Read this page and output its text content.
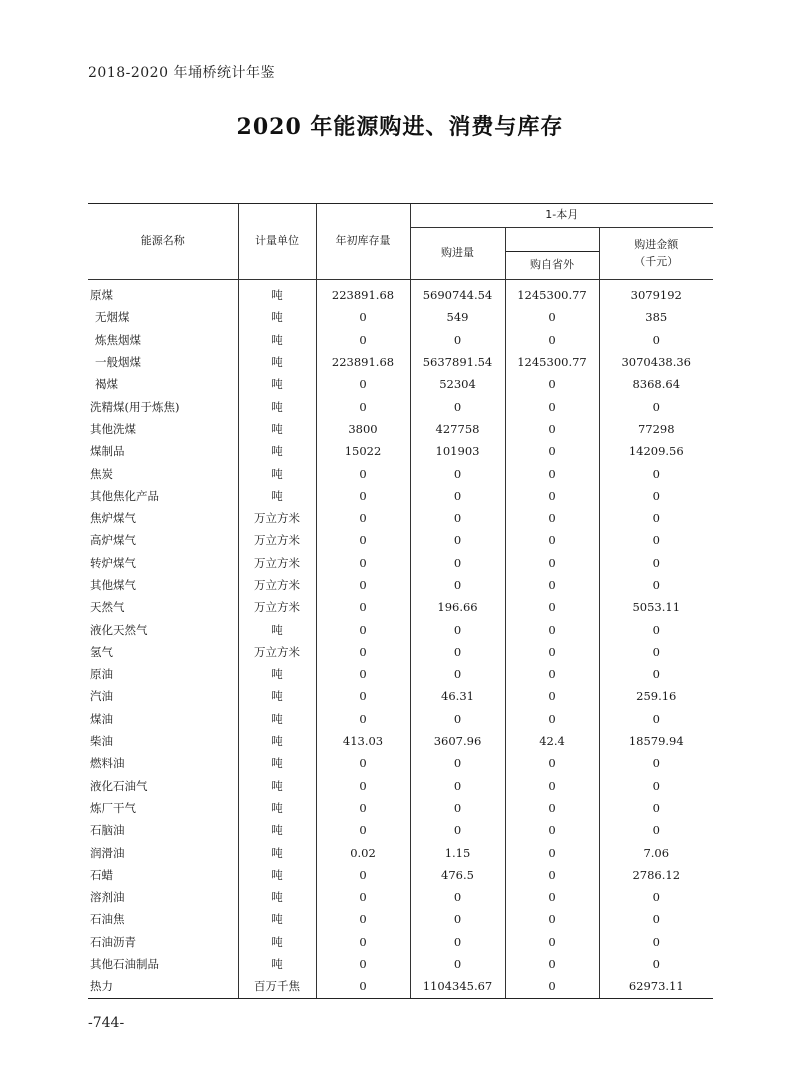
2018-2020 年埇桥统计年鉴
2020 年能源购进、消费与库存
能源名称	计量单位	年初库存量	1-本月		
			购进量		购进金额
（千元）

				购自省外	
原煤	吨	223891.68	5690744.54	1245300.77	3079192
无烟煤	吨	0	549	0	385
炼焦烟煤	吨	0	0	0	0
一般烟煤	吨	223891.68	5637891.54	1245300.77	3070438.36
褐煤	吨	0	52304	0	8368.64
洗精煤(用于炼焦)	吨	0	0	0	0
其他洗煤	吨	3800	427758	0	77298
煤制品	吨	15022	101903	0	14209.56
焦炭	吨	0	0	0	0
其他焦化产品	吨	0	0	0	0
焦炉煤气	万立方米	0	0	0	0
高炉煤气	万立方米	0	0	0	0
转炉煤气	万立方米	0	0	0	0
其他煤气	万立方米	0	0	0	0
天然气	万立方米	0	196.66	0	5053.11
液化天然气	吨	0	0	0	0
氢气	万立方米	0	0	0	0
原油	吨	0	0	0	0
汽油	吨	0	46.31	0	259.16
煤油	吨	0	0	0	0
柴油	吨	413.03	3607.96	42.4	18579.94
燃料油	吨	0	0	0	0
液化石油气	吨	0	0	0	0
炼厂干气	吨	0	0	0	0
石脑油	吨	0	0	0	0
润滑油	吨	0.02	1.15	0	7.06
石蜡	吨	0	476.5	0	2786.12
溶剂油	吨	0	0	0	0
石油焦	吨	0	0	0	0
石油沥青	吨	0	0	0	0
其他石油制品	吨	0	0	0	0
热力	百万千焦	0	1104345.67	0	62973.11
-744-
